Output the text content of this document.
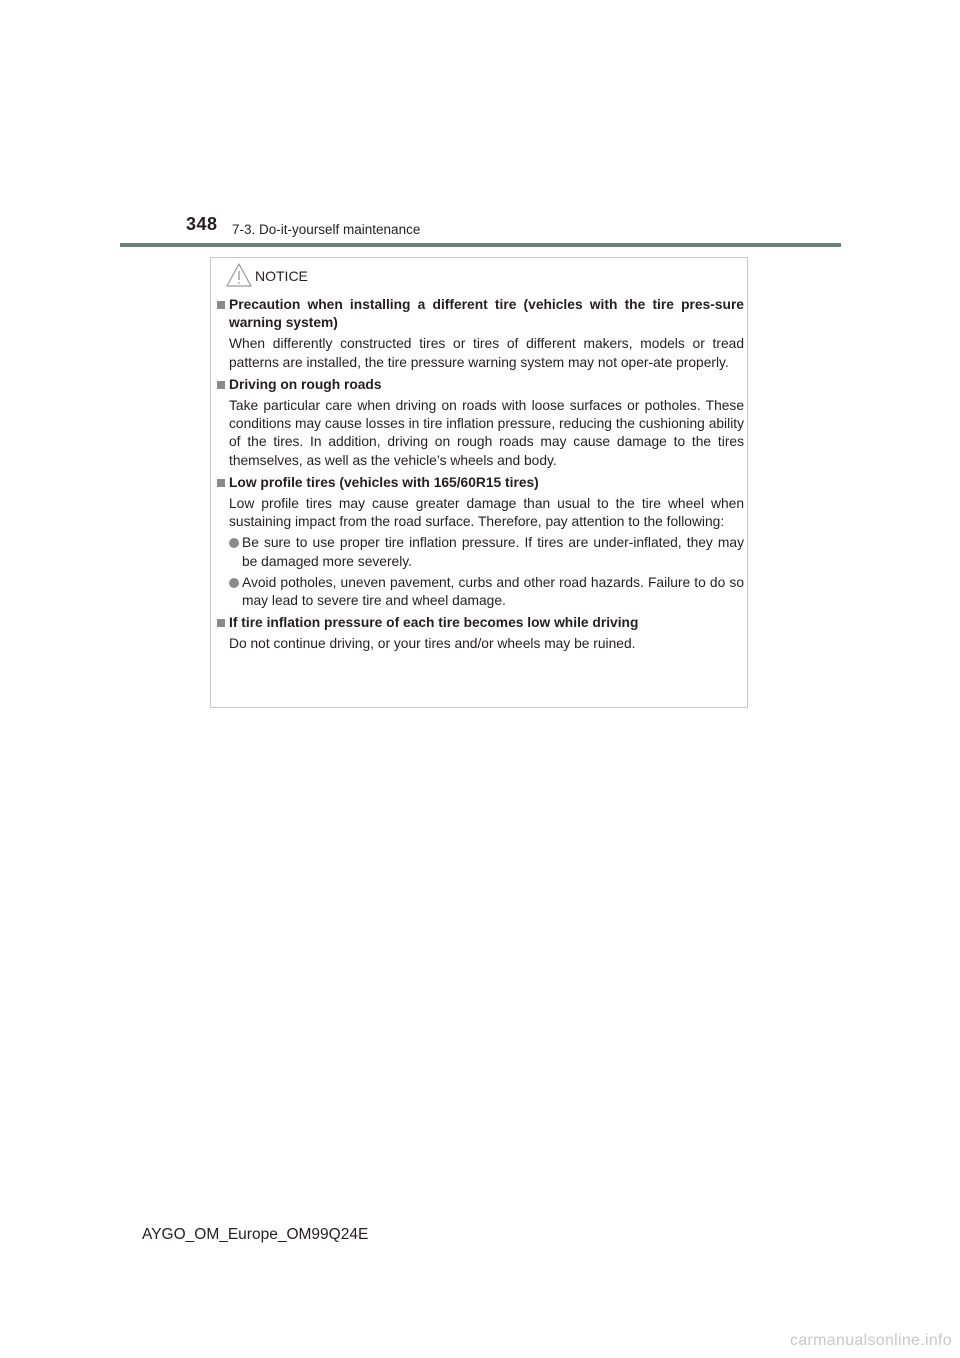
348 7-3. Do-it-yourself maintenance
NOTICE
Precaution when installing a different tire (vehicles with the tire pres-sure warning system)
When differently constructed tires or tires of different makers, models or tread patterns are installed, the tire pressure warning system may not oper-ate properly.
Driving on rough roads
Take particular care when driving on roads with loose surfaces or potholes. These conditions may cause losses in tire inflation pressure, reducing the cushioning ability of the tires. In addition, driving on rough roads may cause damage to the tires themselves, as well as the vehicle’s wheels and body.
Low profile tires (vehicles with 165/60R15 tires)
Low profile tires may cause greater damage than usual to the tire wheel when sustaining impact from the road surface. Therefore, pay attention to the following:
Be sure to use proper tire inflation pressure. If tires are under-inflated, they may be damaged more severely.
Avoid potholes, uneven pavement, curbs and other road hazards. Failure to do so may lead to severe tire and wheel damage.
If tire inflation pressure of each tire becomes low while driving
Do not continue driving, or your tires and/or wheels may be ruined.
AYGO_OM_Europe_OM99Q24E
carmanualsonline.info
